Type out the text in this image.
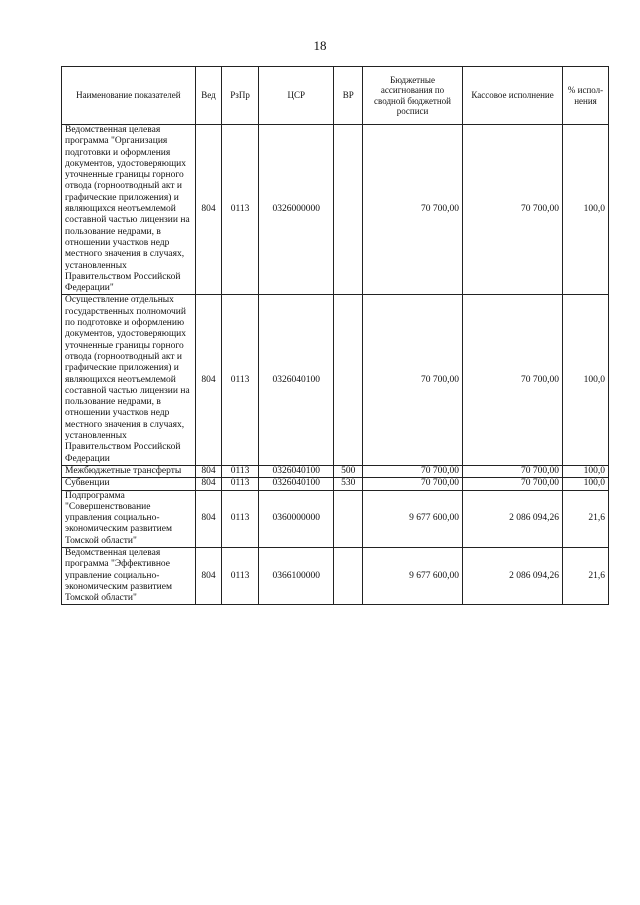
18
Наименование показателей	Вед	РзПр	ЦСР	ВР	Бюджетные ассигнования по сводной бюджетной росписи	Кассовое исполнение	% испол-нения
Ведомственная целевая программа "Организация подготовки и оформления документов, удостоверяющих уточненные границы горного отвода (горноотводный акт и графические приложения) и являющихся неотъемлемой составной частью лицензии на пользование недрами, в отношении участков недр местного значения в случаях, установленных Правительством Российской Федерации"	804	0113	0326000000		70 700,00	70 700,00	100,0
Осуществление отдельных государственных полномочий по подготовке и оформлению документов, удостоверяющих уточненные границы горного отвода (горноотводный акт и графические приложения) и являющихся неотъемлемой составной частью лицензии на пользование недрами, в отношении участков недр местного значения в случаях, установленных Правительством Российской Федерации	804	0113	0326040100		70 700,00	70 700,00	100,0
Межбюджетные трансферты	804	0113	0326040100	500	70 700,00	70 700,00	100,0
Субвенции	804	0113	0326040100	530	70 700,00	70 700,00	100,0
Подпрограмма "Совершенствование управления социально-экономическим развитием Томской области"	804	0113	0360000000		9 677 600,00	2 086 094,26	21,6
Ведомственная целевая программа "Эффективное управление социально-экономическим развитием Томской области"	804	0113	0366100000		9 677 600,00	2 086 094,26	21,6
